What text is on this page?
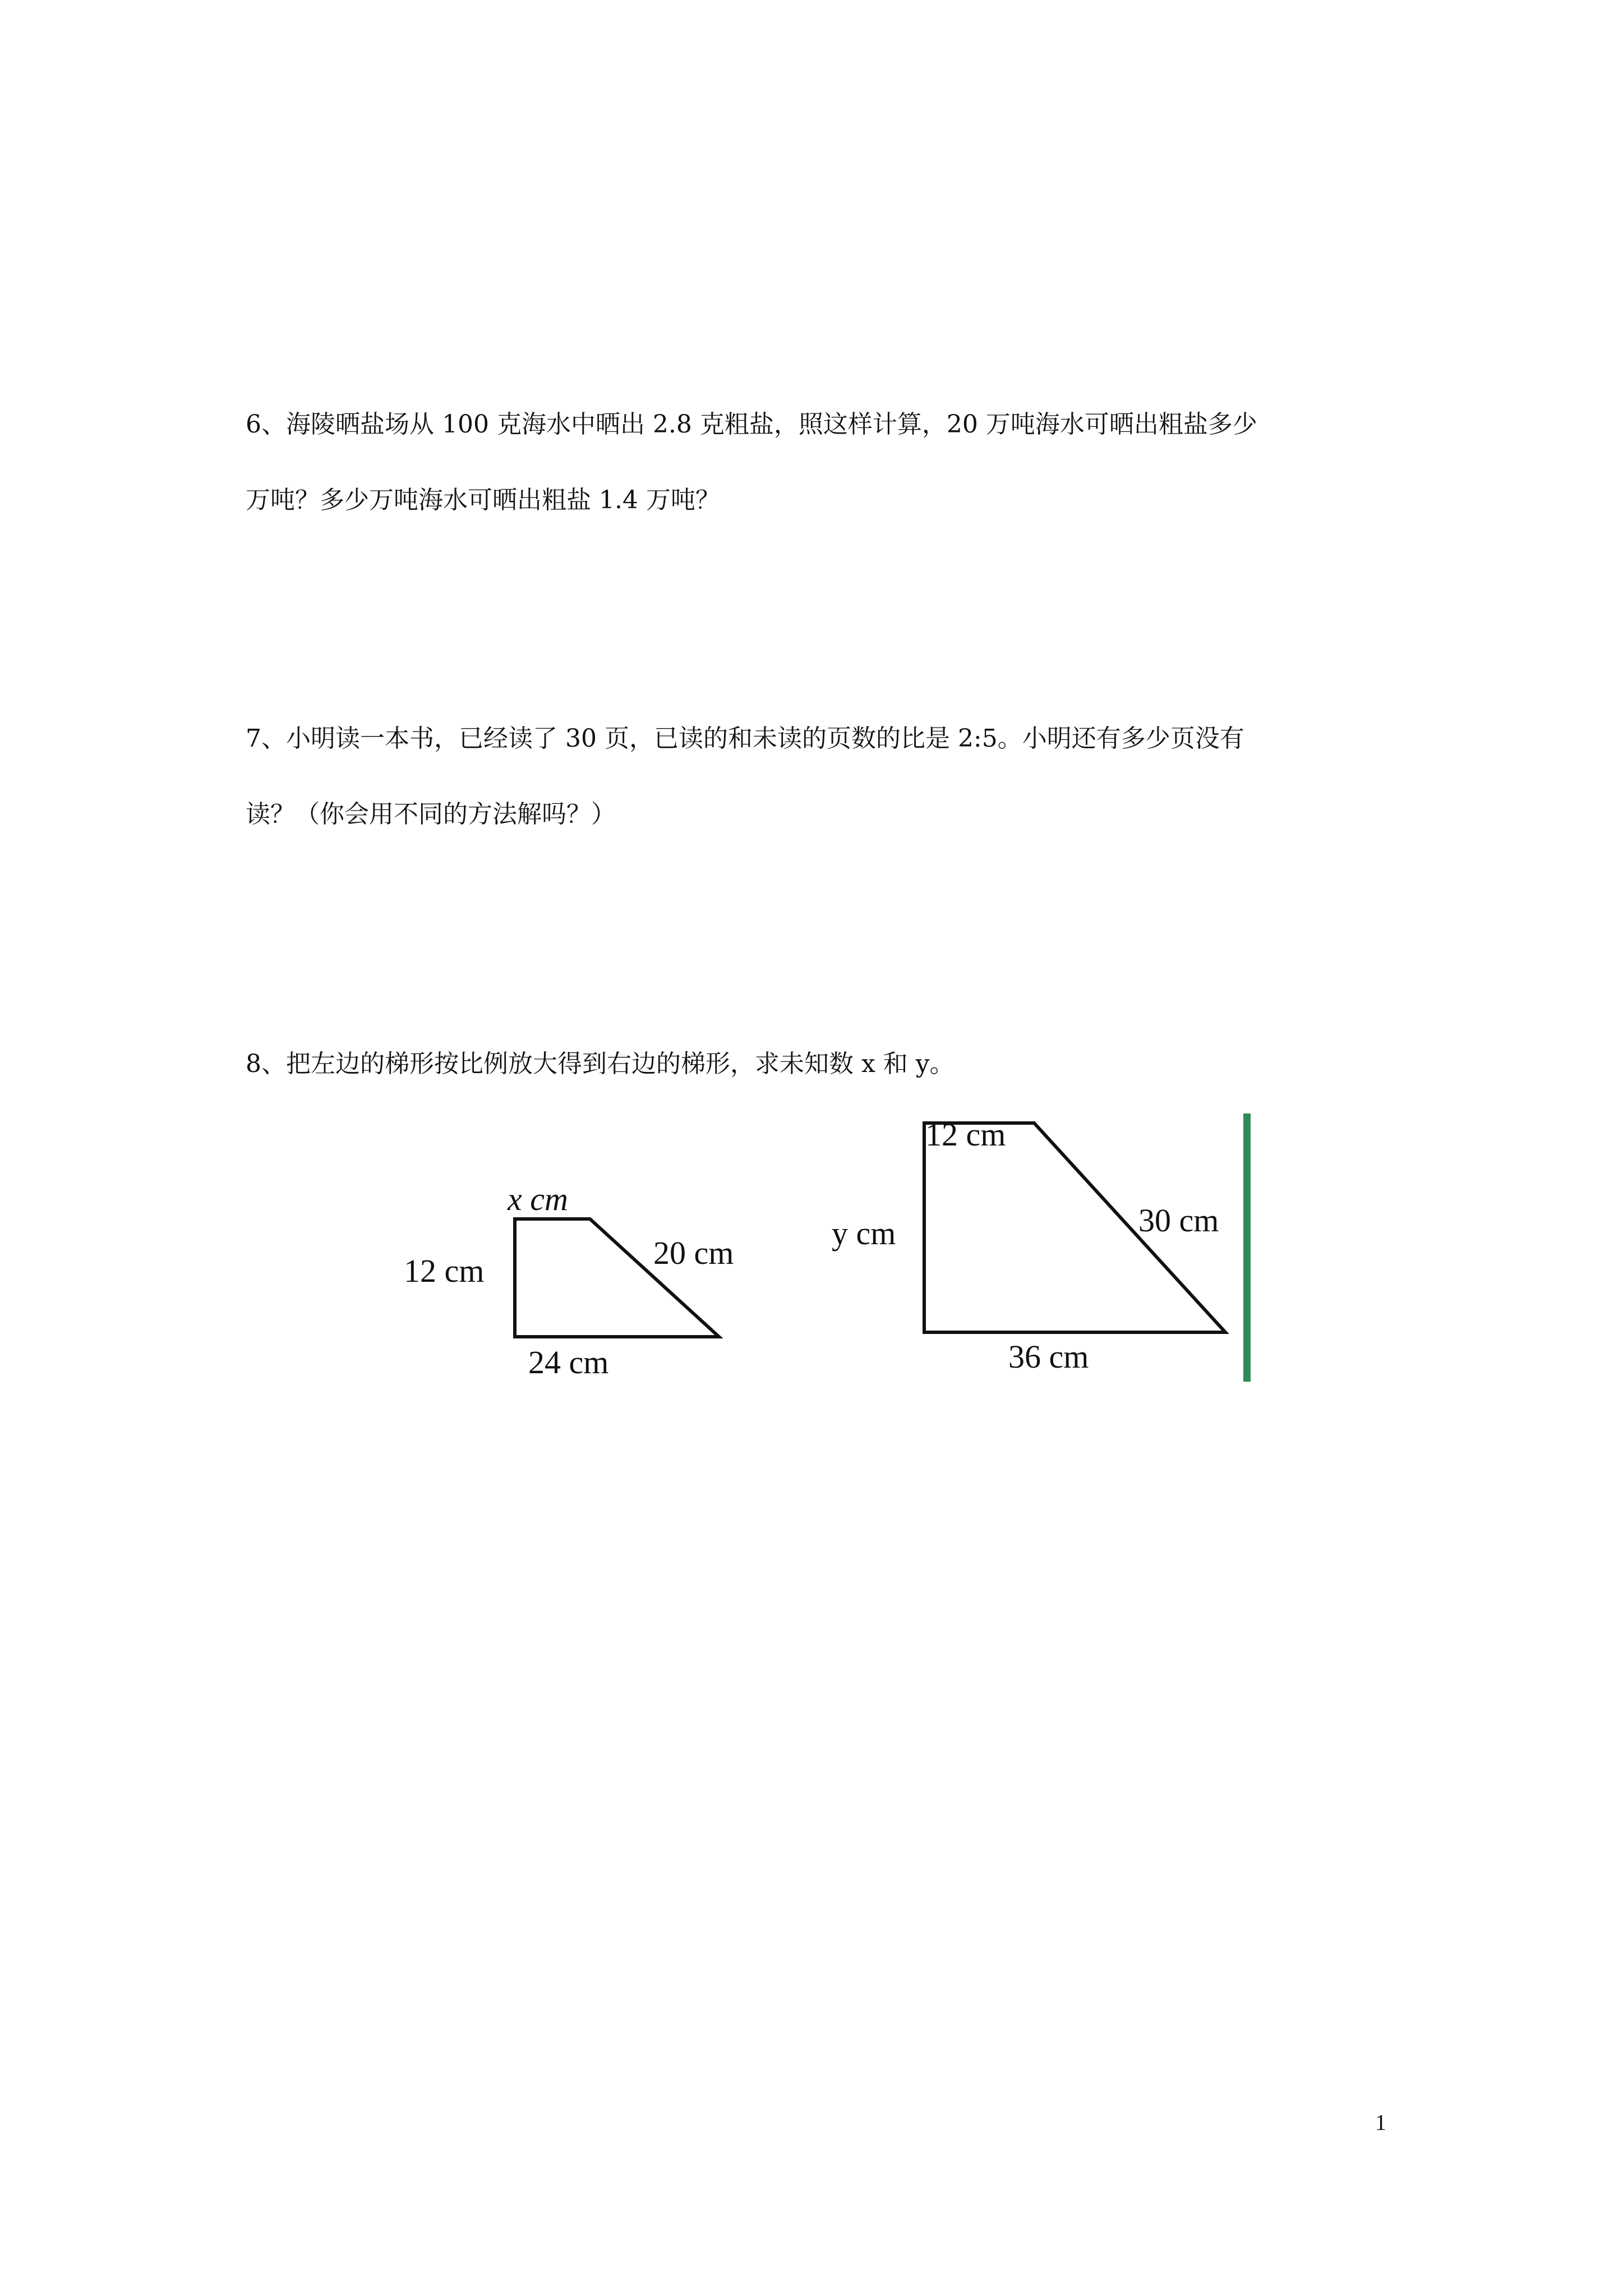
6、海陵晒盐场从 100 克海水中晒出 2.8 克粗盐，照这样计算，20 万吨海水可晒出粗盐多少
万吨？多少万吨海水可晒出粗盐 1.4 万吨？
7、小明读一本书，已经读了 30 页，已读的和未读的页数的比是 2:5。小明还有多少页没有
读？（你会用不同的方法解吗？）
8、把左边的梯形按比例放大得到右边的梯形，求未知数 x 和 y。
x cm
12 cm	20 cm
24 cm
12 cm
y cm	30 cm
36 cm
1
